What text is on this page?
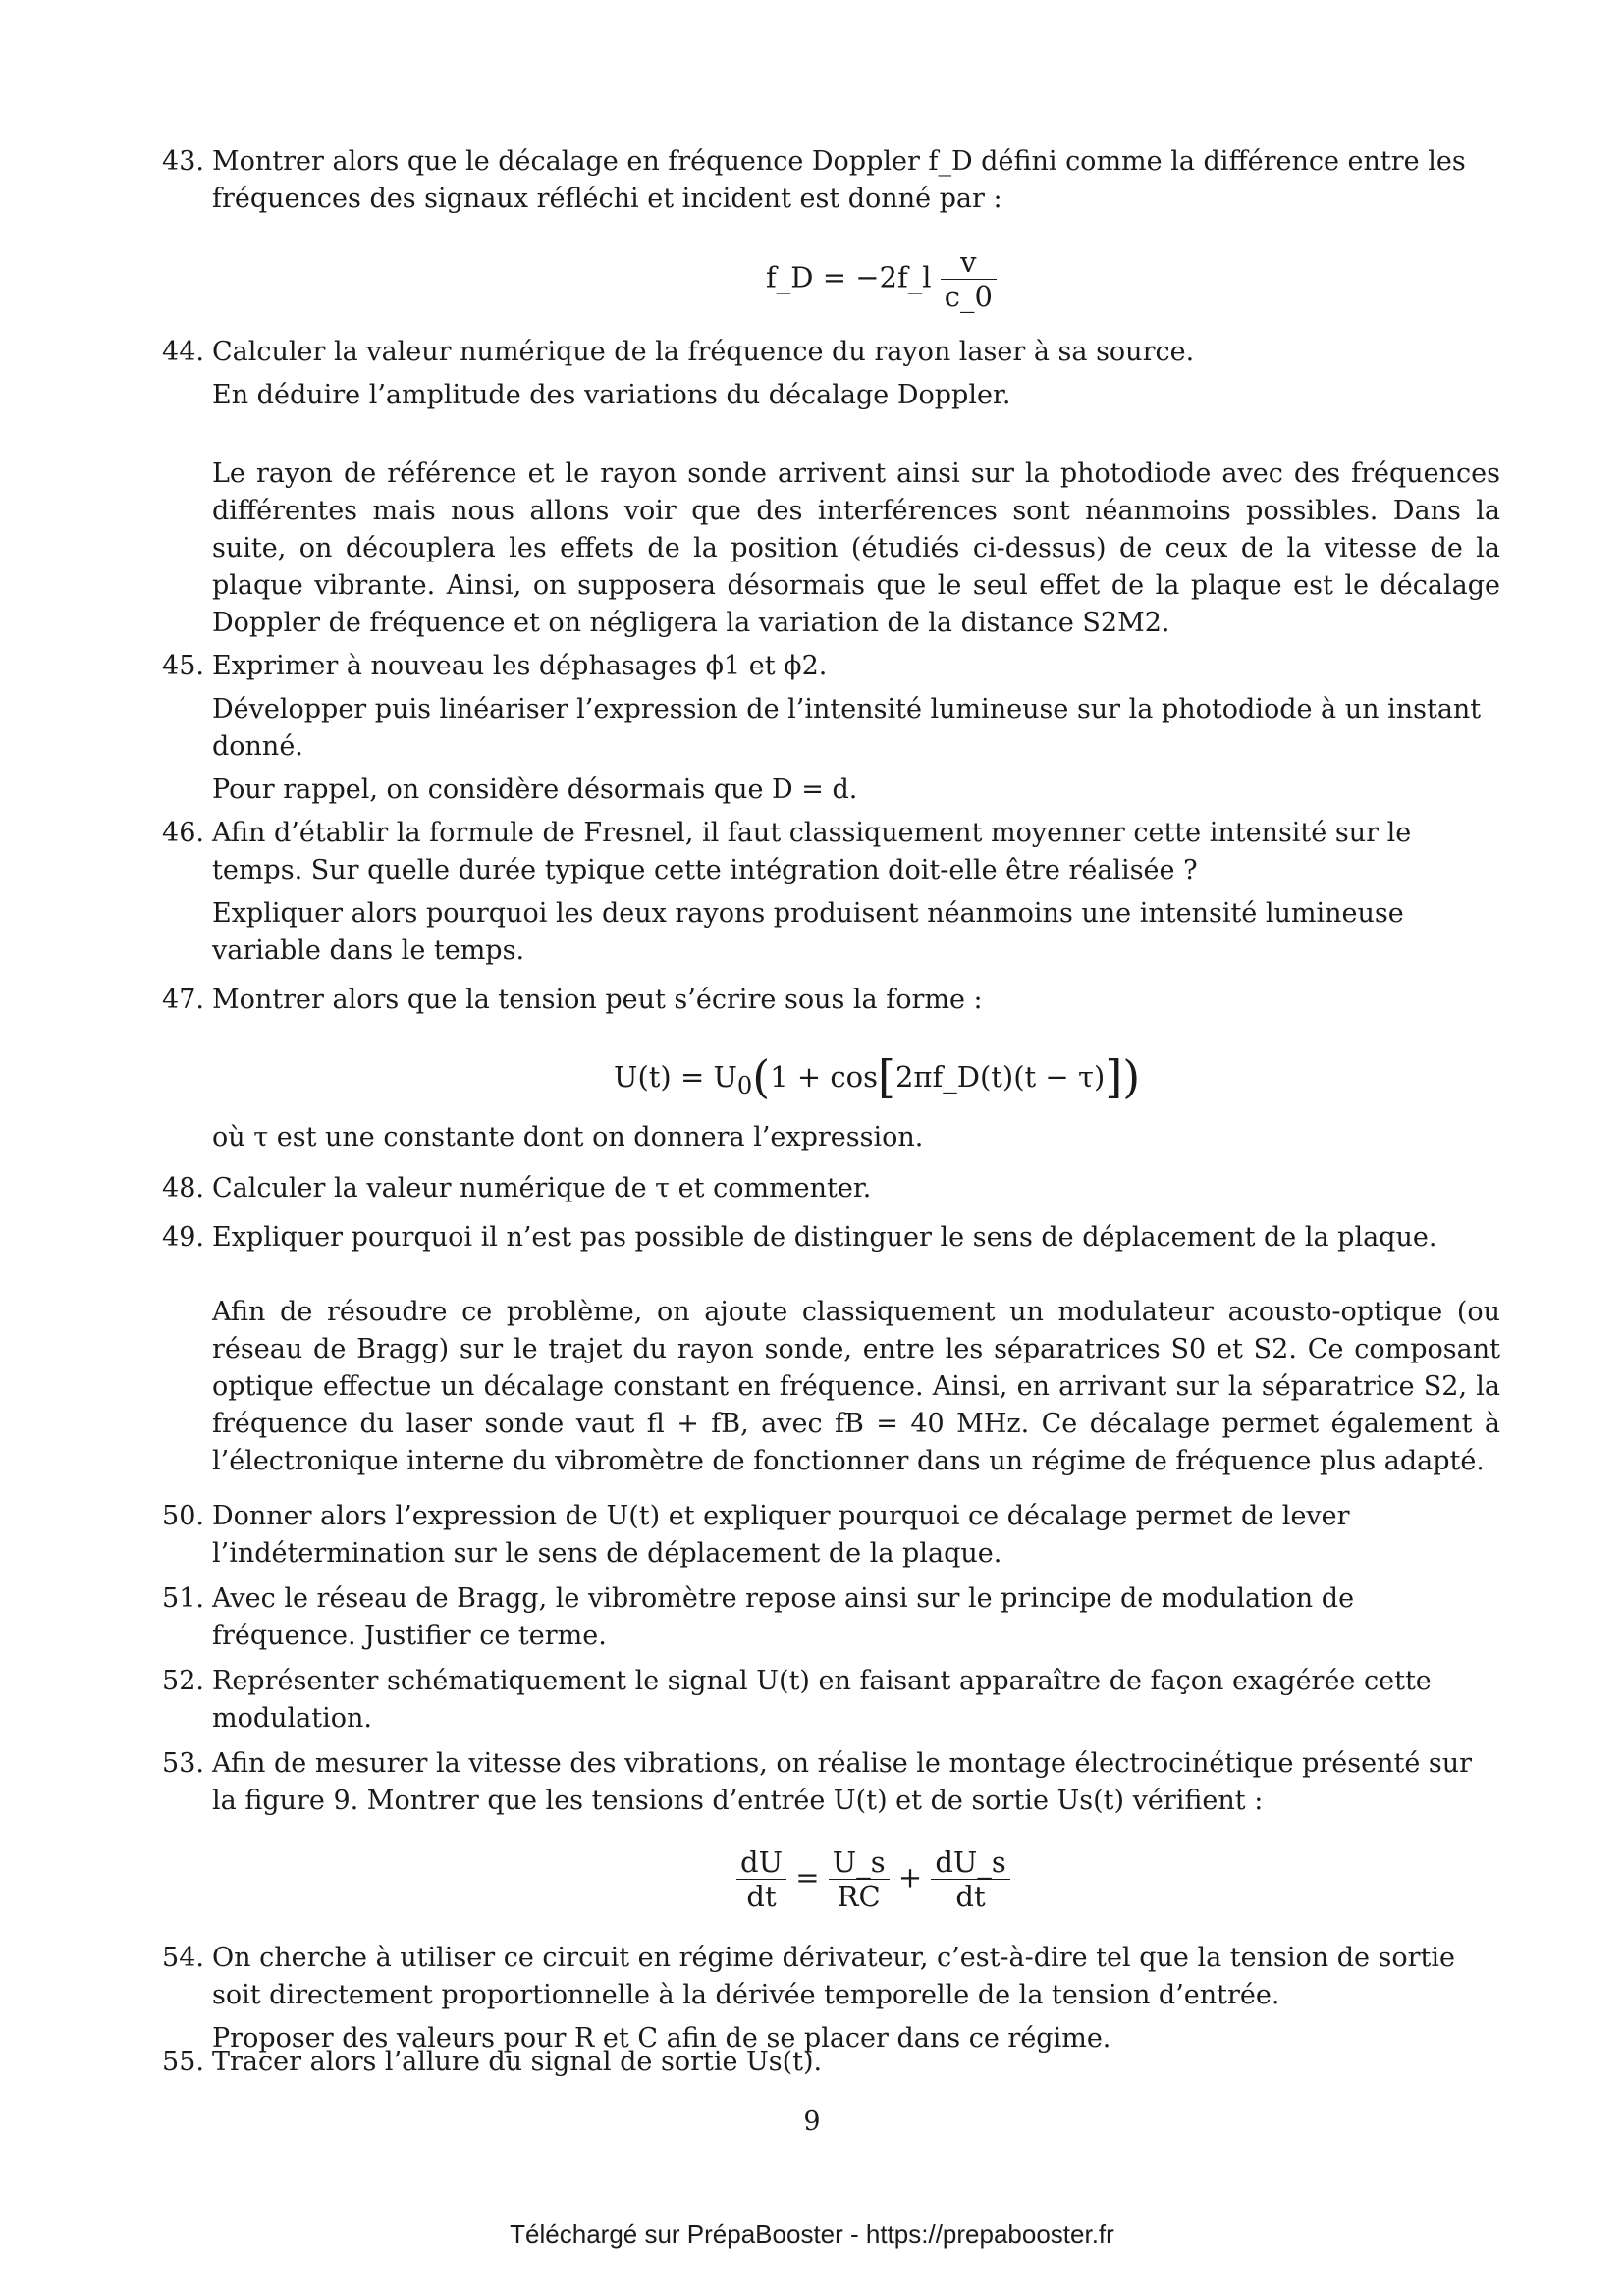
43. Montrer alors que le décalage en fréquence Doppler f_D défini comme la différence entre les fréquences des signaux réfléchi et incident est donné par :

f_D = −2f_l $\frac{v}{c\_0}$
44. Calculer la valeur numérique de la fréquence du rayon laser à sa source.

En déduire l’amplitude des variations du décalage Doppler.

Le rayon de référence et le rayon sonde arrivent ainsi sur la photodiode avec des fréquences différentes mais nous allons voir que des interférences sont néanmoins possibles. Dans la suite, on découplera les effets de la position (étudiés ci-dessus) de ceux de la vitesse de la plaque vibrante. Ainsi, on supposera désormais que le seul effet de la plaque est le décalage Doppler de fréquence et on négligera la variation de la distance S2M2.

45. Exprimer à nouveau les déphasages ϕ1 et ϕ2.

Développer puis linéariser l’expression de l’intensité lumineuse sur la photodiode à un instant donné.

Pour rappel, on considère désormais que D = d.

46. Afin d’établir la formule de Fresnel, il faut classiquement moyenner cette intensité sur le temps. Sur quelle durée typique cette intégration doit-elle être réalisée ?

Expliquer alors pourquoi les deux rayons produisent néanmoins une intensité lumineuse variable dans le temps.

47. Montrer alors que la tension peut s’écrire sous la forme :

$U(t) = U_0(1$ + cos[2πf_D(t)(t − τ)])

où τ est une constante dont on donnera l’expression.

48. Calculer la valeur numérique de τ et commenter.

49. Expliquer pourquoi il n’est pas possible de distinguer le sens de déplacement de la plaque.

Afin de résoudre ce problème, on ajoute classiquement un modulateur acousto-optique (ou réseau de Bragg) sur le trajet du rayon sonde, entre les séparatrices S0 et S2. Ce composant optique effectue un décalage constant en fréquence. Ainsi, en arrivant sur la séparatrice S2, la fréquence du laser sonde vaut fl + fB, avec fB = 40 MHz. Ce décalage permet également à l’électronique interne du vibromètre de fonctionner dans un régime de fréquence plus adapté.

50. Donner alors l’expression de U(t) et expliquer pourquoi ce décalage permet de lever l’indétermination sur le sens de déplacement de la plaque.

51. Avec le réseau de Bragg, le vibromètre repose ainsi sur le principe de modulation de fréquence. Justifier ce terme.

52. Représenter schématiquement le signal U(t) en faisant apparaître de façon exagérée cette modulation.

53. Afin de mesurer la vitesse des vibrations, on réalise le montage électrocinétique présenté sur la figure 9. Montrer que les tensions d’entrée U(t) et de sortie Us(t) vérifient :

$\frac{dU}{dt} = \frac{U\_s}{RC} + \frac{dU\_s}{dt}$
54. On cherche à utiliser ce circuit en régime dérivateur, c’est-à-dire tel que la tension de sortie soit directement proportionnelle à la dérivée temporelle de la tension d’entrée.

Proposer des valeurs pour R et C afin de se placer dans ce régime.

55. Tracer alors l’allure du signal de sortie Us(t).

9
Téléchargé sur PrépaBooster - https://prepabooster.fr
